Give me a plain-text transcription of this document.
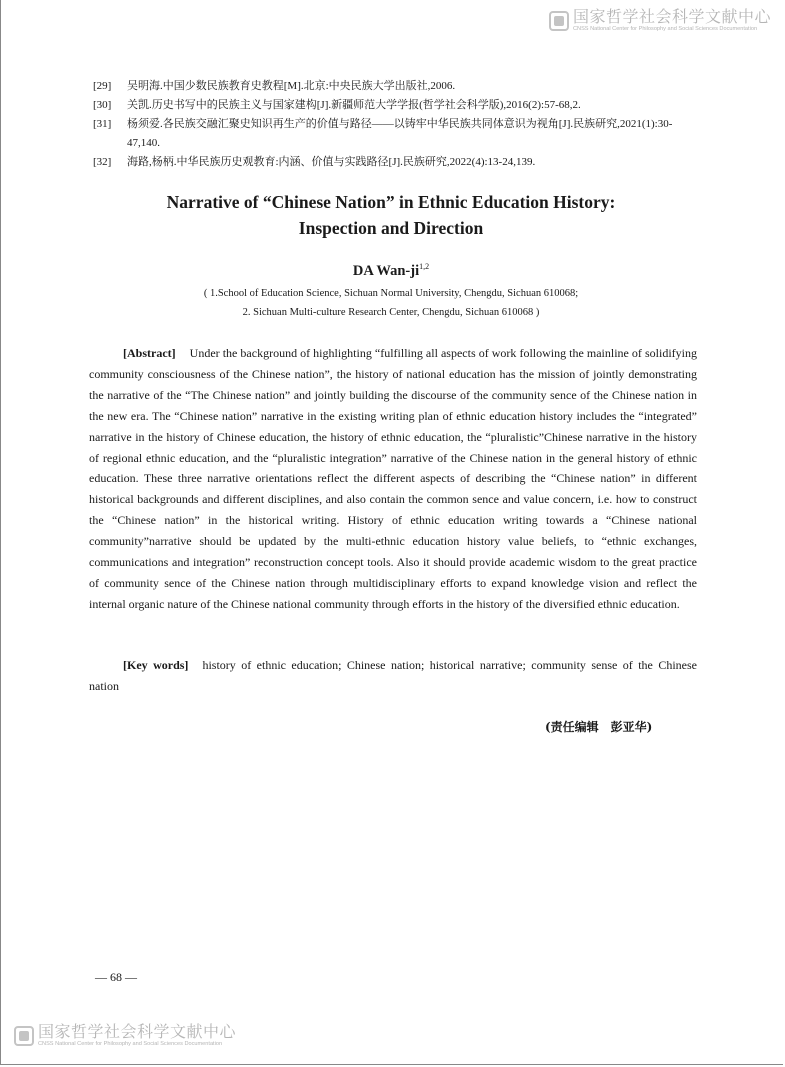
国家哲学社会科学文献中心
CNSS National Center for Philosophy and Social Sciences Documentation
[29]	吴明海.中国少数民族教育史教程[M].北京:中央民族大学出版社,2006.
[30]	关凯.历史书写中的民族主义与国家建构[J].新疆师范大学学报(哲学社会科学版),2016(2):57-68,2.
[31]	杨须爱.各民族交融汇聚史知识再生产的价值与路径——以铸牢中华民族共同体意识为视角[J].民族研究,2021(1):30-47,140.
[32]	海路,杨柄.中华民族历史观教育:内涵、价值与实践路径[J].民族研究,2022(4):13-24,139.
Narrative of “Chinese Nation” in Ethnic Education History:
Inspection and Direction
DA Wan-ji$^{1,2}$
( 1.School of Education Science, Sichuan Normal University, Chengdu, Sichuan 610068;
2. Sichuan Multi-culture Research Center, Chengdu, Sichuan 610068 )

[Abstract] Under the background of highlighting “fulfilling all aspects of work following the mainline of solidifying community consciousness of the Chinese nation”, the history of national education has the mission of jointly demonstrating the narrative of the “The Chinese nation” and jointly building the discourse of the community sence of the Chinese nation in the new era. The “Chinese nation” narrative in the existing writing plan of ethnic education history includes the “integrated” narrative in the history of Chinese education, the history of ethnic education, the “pluralistic”Chinese narrative in the history of regional ethnic education, and the “pluralistic integration” narrative of the Chinese nation in the general history of ethnic education. These three narrative orientations reflect the different aspects of describing the “Chinese nation” in different historical backgrounds and different disciplines, and also contain the common sence and value concern, i.e. how to construct the “Chinese nation” in the historical writing. History of ethnic education writing towards a “Chinese national community”narrative should be updated by the multi-ethnic education history value beliefs, to “ethnic exchanges, communications and integration” reconstruction concept tools. Also it should provide academic wisdom to the great practice of community sence of the Chinese nation through multidisciplinary efforts to expand knowledge vision and reflect the internal organic nature of the Chinese national community through efforts in the history of the diversified ethnic education.

[Key words] history of ethnic education; Chinese nation; historical narrative; community sense of the Chinese nation

(责任编辑　彭亚华)
— 68 —
国家哲学社会科学文献中心
CNSS National Center for Philosophy and Social Sciences Documentation
